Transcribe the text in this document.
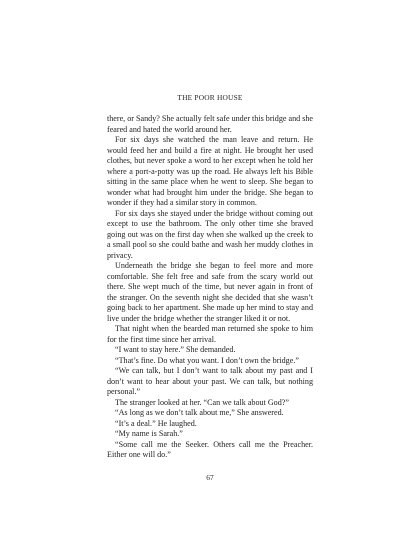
THE POOR HOUSE

there, or Sandy? She actually felt safe under this bridge and she feared and hated the world around her.

For six days she watched the man leave and return. He would feed her and build a fire at night. He brought her used clothes, but never spoke a word to her except when he told her where a port-a-potty was up the road. He always left his Bible sitting in the same place when he went to sleep. She began to wonder what had brought him under the bridge. She began to wonder if they had a similar story in common.

For six days she stayed under the bridge without coming out except to use the bathroom. The only other time she braved going out was on the first day when she walked up the creek to a small pool so she could bathe and wash her muddy clothes in privacy.

Underneath the bridge she began to feel more and more comfortable. She felt free and safe from the scary world out there. She wept much of the time, but never again in front of the stranger. On the seventh night she decided that she wasn’t going back to her apartment. She made up her mind to stay and live under the bridge whether the stranger liked it or not.

That night when the bearded man returned she spoke to him for the first time since her arrival.

“I want to stay here.” She demanded.

“That’s fine. Do what you want. I don’t own the bridge.”

“We can talk, but I don’t want to talk about my past and I don’t want to hear about your past. We can talk, but nothing personal.”

The stranger looked at her. “Can we talk about God?”

“As long as we don’t talk about me,” She answered.

“It’s a deal.” He laughed.

“My name is Sarah.”

“Some call me the Seeker. Others call me the Preacher. Either one will do.”

67
